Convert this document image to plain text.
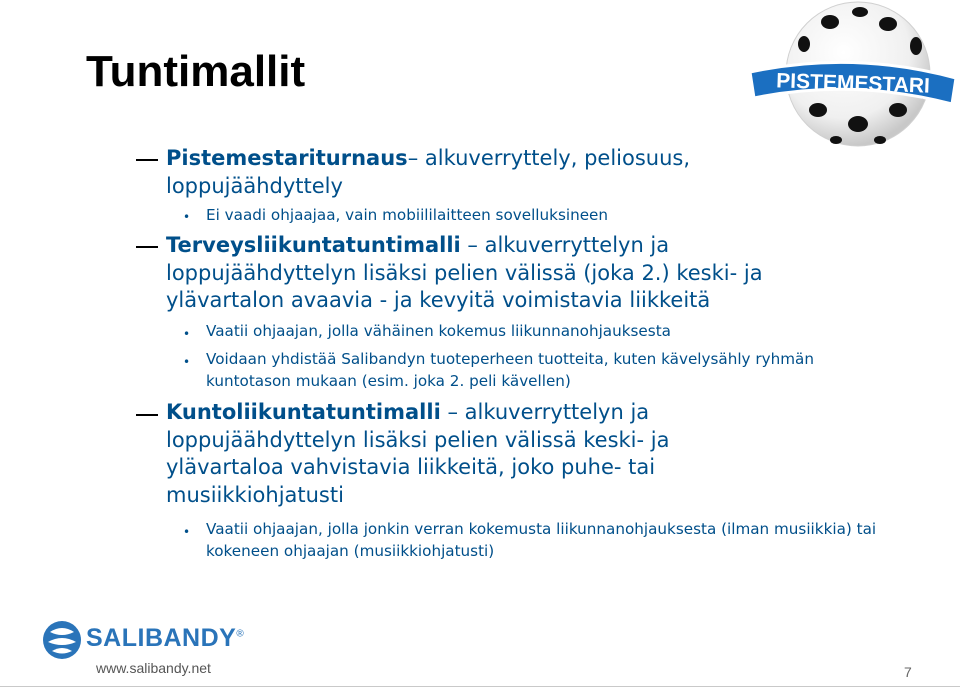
Tuntimallit	PISTEMESTARI
Pistemestariturnaus– alkuverryttely, peliosuus, loppujäähdyttely
• Ei vaadi ohjaajaa, vain mobiililaitteen sovelluksineen
Terveysliikuntatuntimalli – alkuverryttelyn ja loppujäähdyttelyn lisäksi pelien välissä (joka 2.) keski- ja ylävartalon avaavia - ja kevyitä voimistavia liikkeitä
• Vaatii ohjaajan, jolla vähäinen kokemus liikunnanohjauksesta
• Voidaan yhdistää Salibandyn tuoteperheen tuotteita, kuten kävelysähly ryhmän kuntotason mukaan (esim. joka 2. peli kävellen)
Kuntoliikuntatuntimalli – alkuverryttelyn ja loppujäähdyttelyn lisäksi pelien välissä keski- ja ylävartaloa vahvistavia liikkeitä, joko puhe- tai musiikkiohjatusti
• Vaatii ohjaajan, jolla jonkin verran kokemusta liikunnanohjauksesta (ilman musiikkia) tai kokeneen ohjaajan (musiikkiohjatusti)
SALIBANDY®
www.salibandy.net	7
